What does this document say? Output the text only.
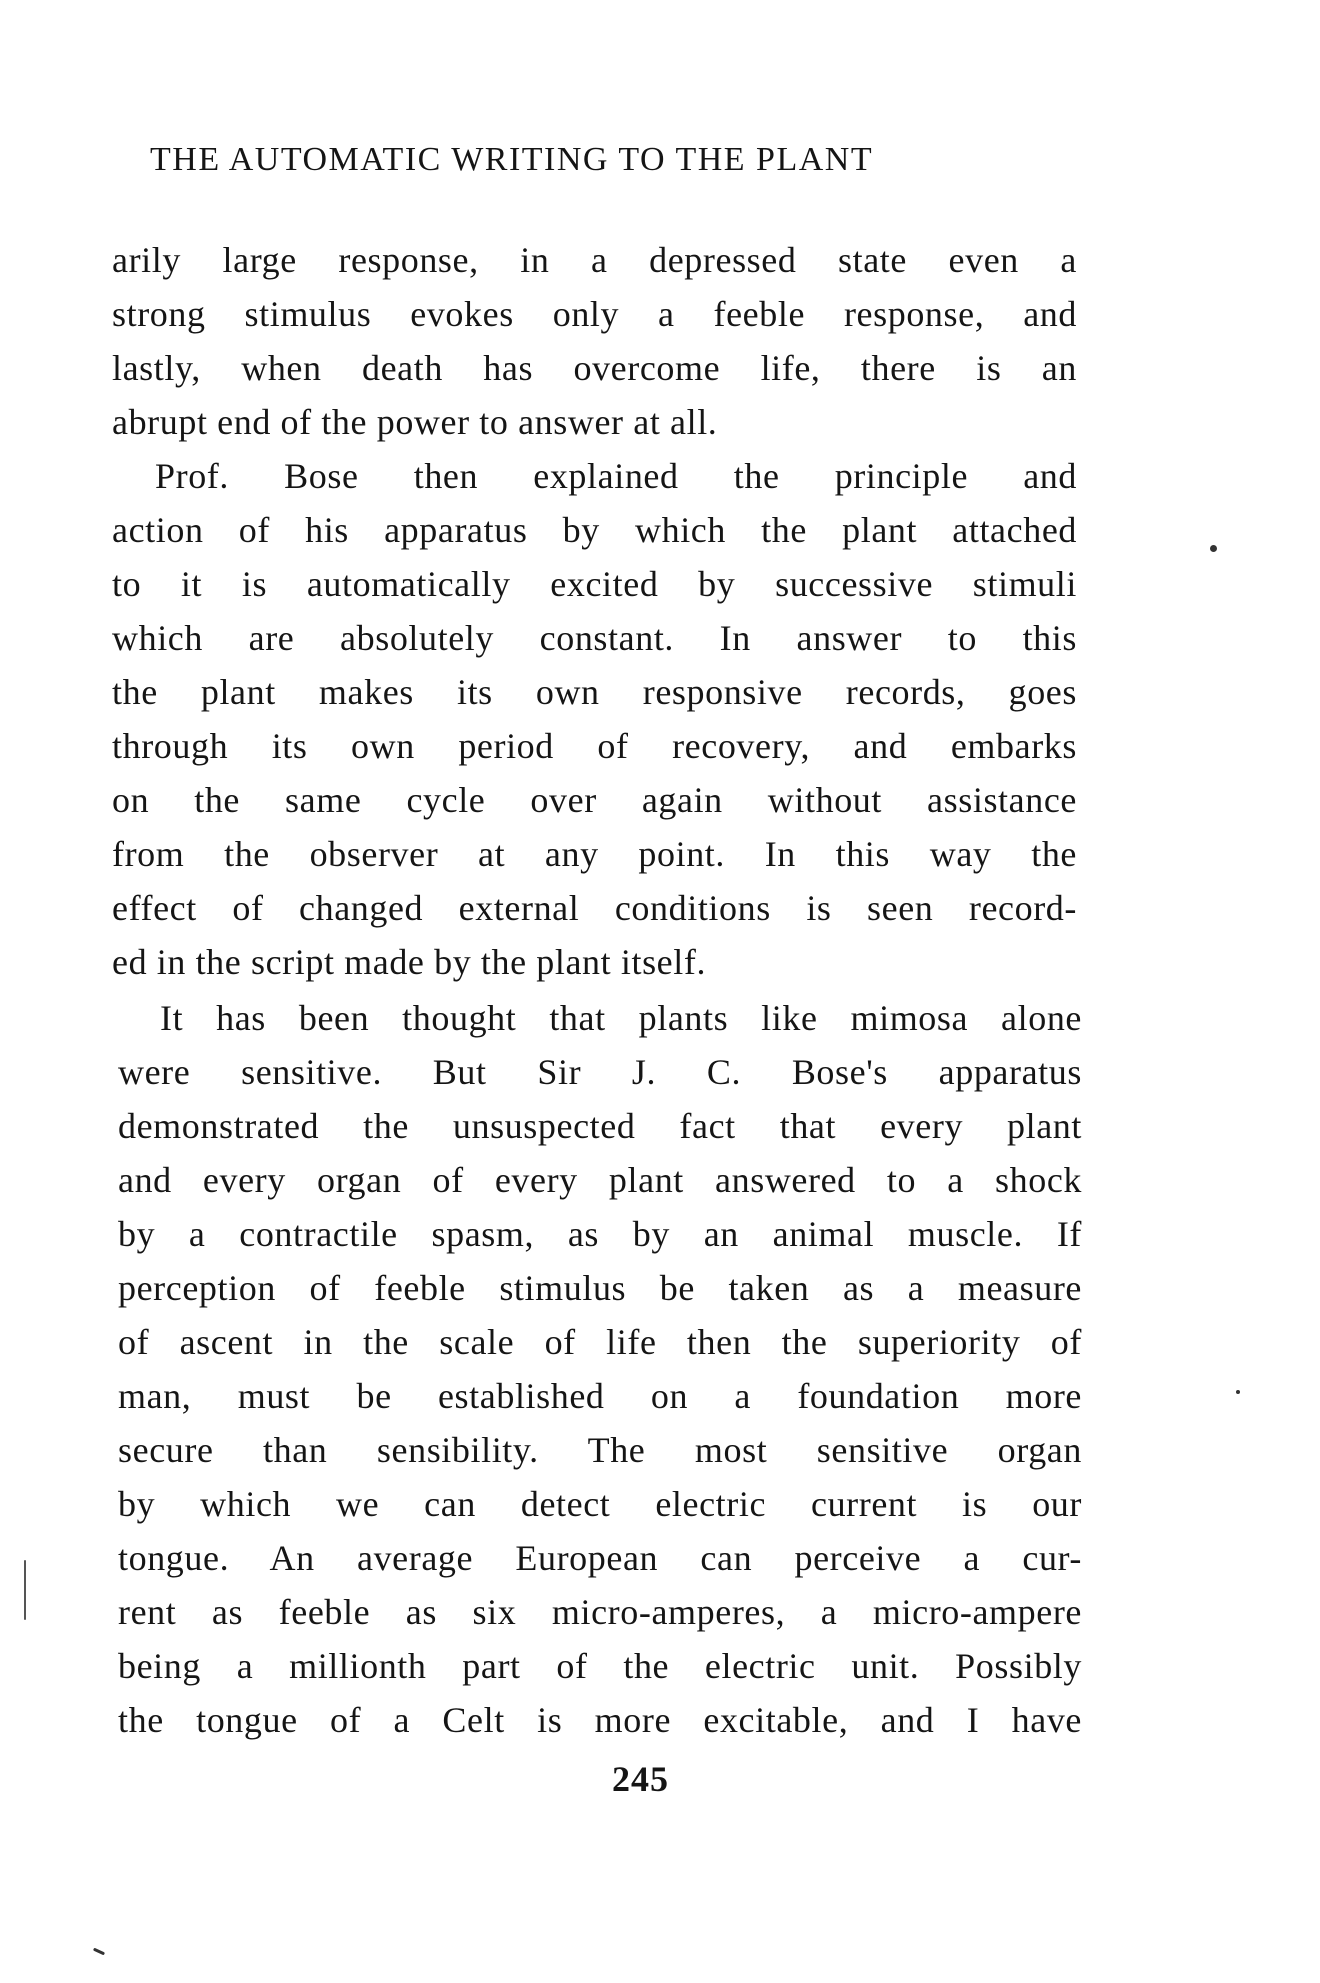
THE AUTOMATIC WRITING TO THE PLANT
arily large response, in a depressed state even a
strong stimulus evokes only a feeble response, and
lastly, when death has overcome life, there is an
abrupt end of the power to answer at all.
Prof. Bose then explained the principle and
action of his apparatus by which the plant attached
to it is automatically excited by successive stimuli
which are absolutely constant. In answer to this
the plant makes its own responsive records, goes
through its own period of recovery, and embarks
on the same cycle over again without assistance
from the observer at any point. In this way the
effect of changed external conditions is seen record-
ed in the script made by the plant itself.
It has been thought that plants like mimosa alone
were sensitive. But Sir J. C. Bose's apparatus
demonstrated the unsuspected fact that every plant
and every organ of every plant answered to a shock
by a contractile spasm, as by an animal muscle. If
perception of feeble stimulus be taken as a measure
of ascent in the scale of life then the superiority of
man, must be established on a foundation more
secure than sensibility. The most sensitive organ
by which we can detect electric current is our
tongue. An average European can perceive a cur-
rent as feeble as six micro-amperes, a micro-ampere
being a millionth part of the electric unit. Possibly
the tongue of a Celt is more excitable, and I have
245
